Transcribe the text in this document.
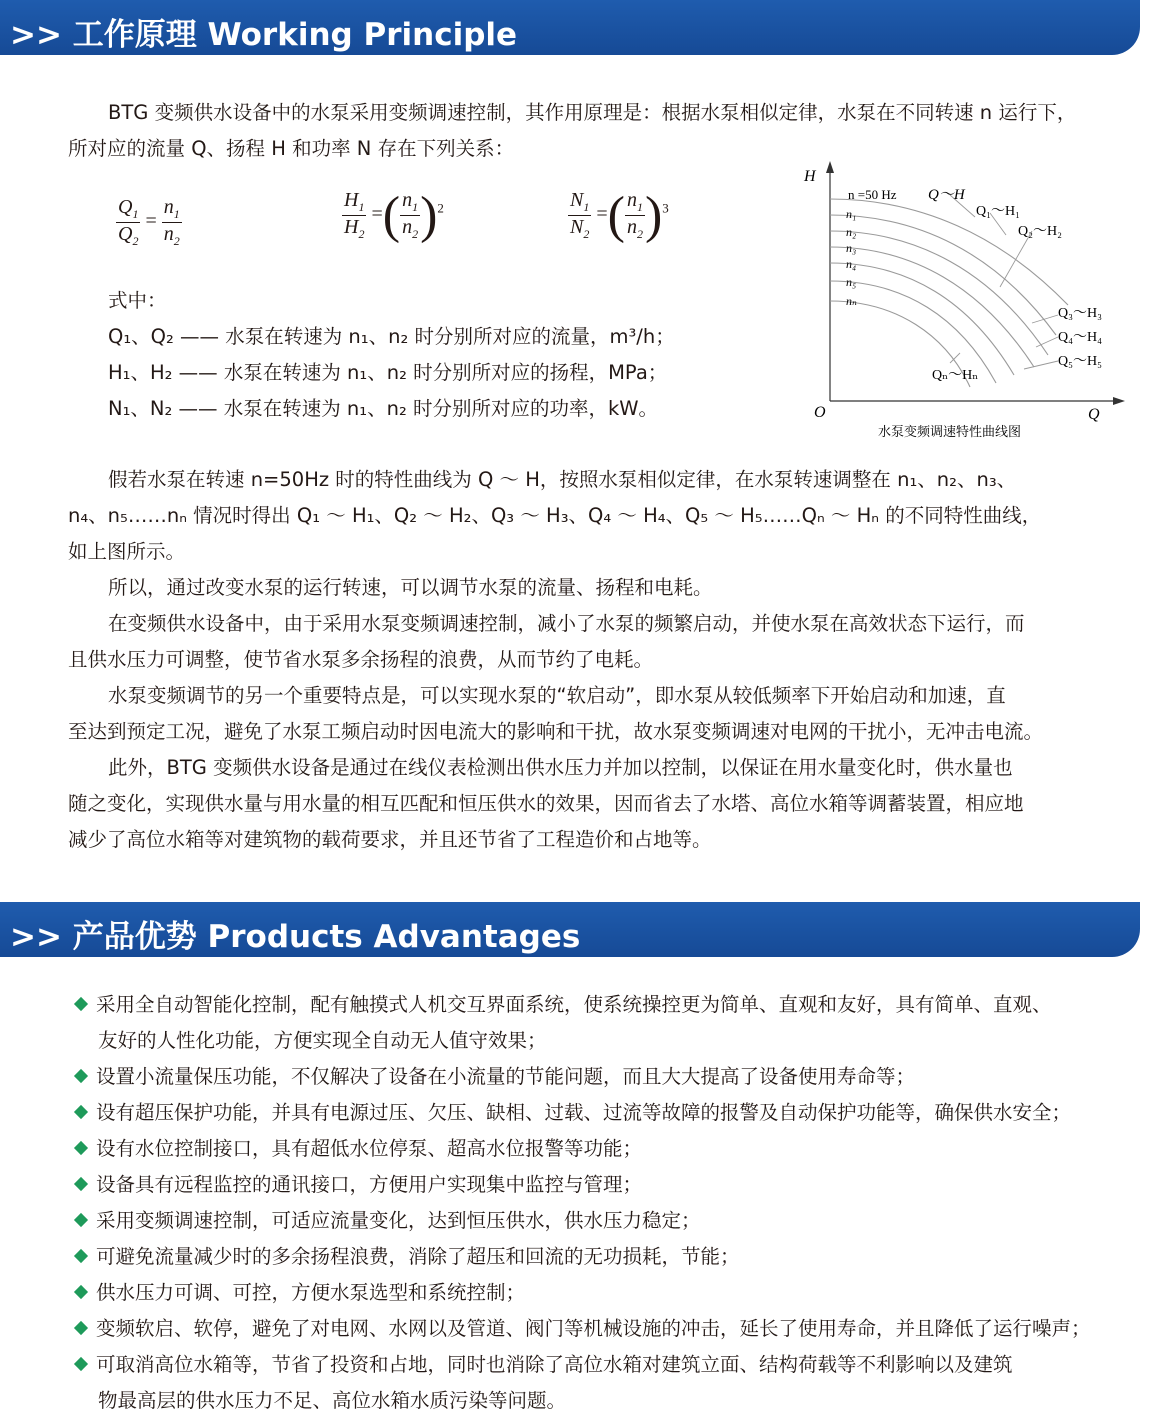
>> 工作原理 Working Principle

BTG 变频供水设备中的水泵采用变频调速控制，其作用原理是：根据水泵相似定律，水泵在不同转速 n 运行下，
所对应的流量 Q、扬程 H 和功率 N 存在下列关系：

$\frac{Q_1}{Q_2} = \frac{n_1}{n_2}$	$\frac{H_1}{H_2}$ =( $\frac{n_1}{n_2} )^2$	$\frac{N_1}{N_2}$ =( $\frac{n_1}{n_2} )^3$
式中：
Q₁、Q₂ —— 水泵在转速为 n₁、n₂ 时分别所对应的流量，m³/h；
H₁、H₂ —— 水泵在转速为 n₁、n₂ 时分别所对应的扬程，MPa；
N₁、N₂ —— 水泵在转速为 n₁、n₂ 时分别所对应的功率，kW。
H
O	Q
n =50 Hz Q～H
Q₁～H₁
Q₂～H₂
Q₃～H₃
Q₄～H₄
Q₅～H₅
Qₙ～Hₙ
n₁
n₂
n₃
n₄
n₅
nₙ
水泵变频调速特性曲线图

假若水泵在转速 n=50Hz 时的特性曲线为 Q ～ H，按照水泵相似定律，在水泵转速调整在 n₁、n₂、n₃、
n₄、n₅……nₙ 情况时得出 Q₁ ～ H₁、Q₂ ～ H₂、Q₃ ～ H₃、Q₄ ～ H₄、Q₅ ～ H₅……Qₙ ～ Hₙ 的不同特性曲线，
如上图所示。

所以，通过改变水泵的运行转速，可以调节水泵的流量、扬程和电耗。

在变频供水设备中，由于采用水泵变频调速控制，减小了水泵的频繁启动，并使水泵在高效状态下运行，而
且供水压力可调整，使节省水泵多余扬程的浪费，从而节约了电耗。

水泵变频调节的另一个重要特点是，可以实现水泵的“软启动”，即水泵从较低频率下开始启动和加速，直
至达到预定工况，避免了水泵工频启动时因电流大的影响和干扰，故水泵变频调速对电网的干扰小，无冲击电流。

此外，BTG 变频供水设备是通过在线仪表检测出供水压力并加以控制，以保证在用水量变化时，供水量也
随之变化，实现供水量与用水量的相互匹配和恒压供水的效果，因而省去了水塔、高位水箱等调蓄装置，相应地
减少了高位水箱等对建筑物的载荷要求，并且还节省了工程造价和占地等。

>> 产品优势 Products Advantages
采用全自动智能化控制，配有触摸式人机交互界面系统，使系统操控更为简单、直观和友好，具有简单、直观、
友好的人性化功能，方便实现全自动无人值守效果；
设置小流量保压功能，不仅解决了设备在小流量的节能问题，而且大大提高了设备使用寿命等；
设有超压保护功能，并具有电源过压、欠压、缺相、过载、过流等故障的报警及自动保护功能等，确保供水安全；
设有水位控制接口，具有超低水位停泵、超高水位报警等功能；
设备具有远程监控的通讯接口，方便用户实现集中监控与管理；
采用变频调速控制，可适应流量变化，达到恒压供水，供水压力稳定；
可避免流量减少时的多余扬程浪费，消除了超压和回流的无功损耗，节能；
供水压力可调、可控，方便水泵选型和系统控制；
变频软启、软停，避免了对电网、水网以及管道、阀门等机械设施的冲击，延长了使用寿命，并且降低了运行噪声；
可取消高位水箱等，节省了投资和占地，同时也消除了高位水箱对建筑立面、结构荷载等不利影响以及建筑
物最高层的供水压力不足、高位水箱水质污染等问题。
